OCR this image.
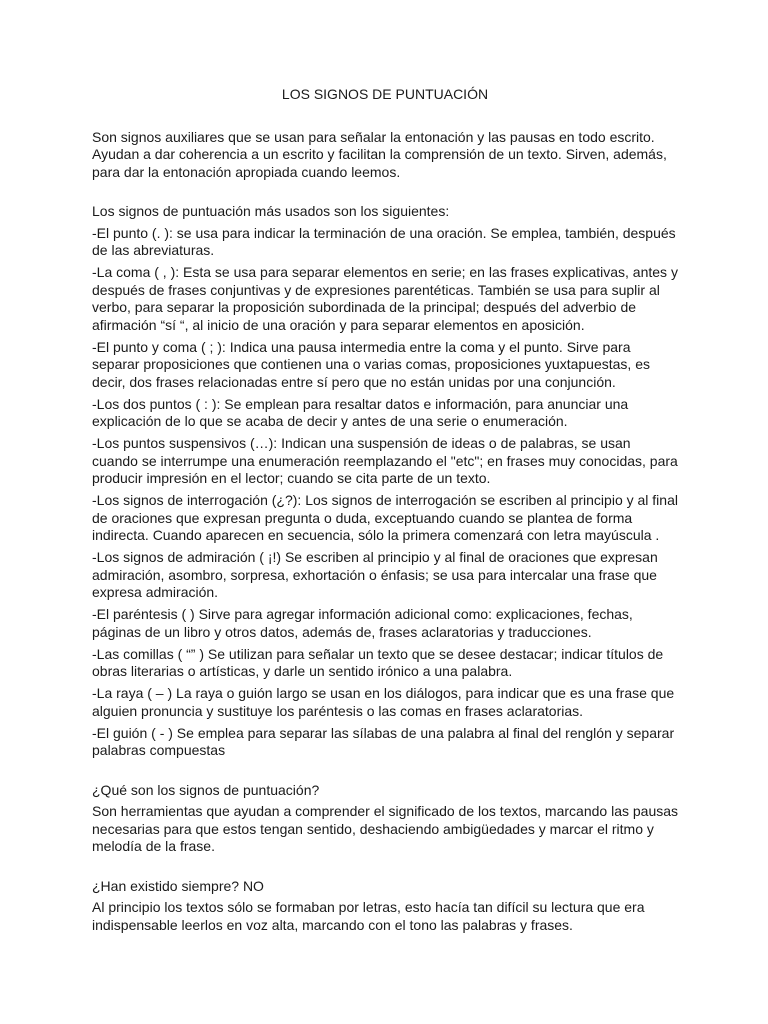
LOS SIGNOS DE PUNTUACIÓN

Son signos auxiliares que se usan para señalar la entonación y las pausas en todo escrito. Ayudan a dar coherencia a un escrito y facilitan la comprensión de un texto. Sirven, además, para dar la entonación apropiada cuando leemos.

Los signos de puntuación más usados son los siguientes:

-El punto (. ): se usa para indicar la terminación de una oración. Se emplea, también, después de las abreviaturas.

-La coma ( , ): Esta se usa para separar elementos en serie; en las frases explicativas, antes y después de frases conjuntivas y de expresiones parentéticas. También se usa para suplir al verbo, para separar la proposición subordinada de la principal; después del adverbio de afirmación “sí “, al inicio de una oración y para separar elementos en aposición.

-El punto y coma ( ; ): Indica una pausa intermedia entre la coma y el punto. Sirve para separar proposiciones que contienen una o varias comas, proposiciones yuxtapuestas, es decir, dos frases relacionadas entre sí pero que no están unidas por una conjunción.

-Los dos puntos ( : ): Se emplean para resaltar datos e información, para anunciar una explicación de lo que se acaba de decir y antes de una serie o enumeración.

-Los puntos suspensivos (…): Indican una suspensión de ideas o de palabras, se usan cuando se interrumpe una enumeración reemplazando el "etc"; en frases muy conocidas, para producir impresión en el lector; cuando se cita parte de un texto.

-Los signos de interrogación (¿?): Los signos de interrogación se escriben al principio y al final de oraciones que expresan pregunta o duda, exceptuando cuando se plantea de forma indirecta. Cuando aparecen en secuencia, sólo la primera comenzará con letra mayúscula .

-Los signos de admiración ( ¡!) Se escriben al principio y al final de oraciones que expresan admiración, asombro, sorpresa, exhortación o énfasis; se usa para intercalar una frase que expresa admiración.

-El paréntesis ( ) Sirve para agregar información adicional como: explicaciones, fechas, páginas de un libro y otros datos, además de, frases aclaratorias y traducciones.

-Las comillas ( “” ) Se utilizan para señalar un texto que se desee destacar; indicar títulos de obras literarias o artísticas, y darle un sentido irónico a una palabra.

-La raya ( – ) La raya o guión largo se usan en los diálogos, para indicar que es una frase que alguien pronuncia y sustituye los paréntesis o las comas en frases aclaratorias.

-El guión ( - ) Se emplea para separar las sílabas de una palabra al final del renglón y separar palabras compuestas

¿Qué son los signos de puntuación?

Son herramientas que ayudan a comprender el significado de los textos, marcando las pausas necesarias para que estos tengan sentido, deshaciendo ambigüedades y marcar el ritmo y melodía de la frase.

¿Han existido siempre? NO

Al principio los textos sólo se formaban por letras, esto hacía tan difícil su lectura que era indispensable leerlos en voz alta, marcando con el tono las palabras y frases.
